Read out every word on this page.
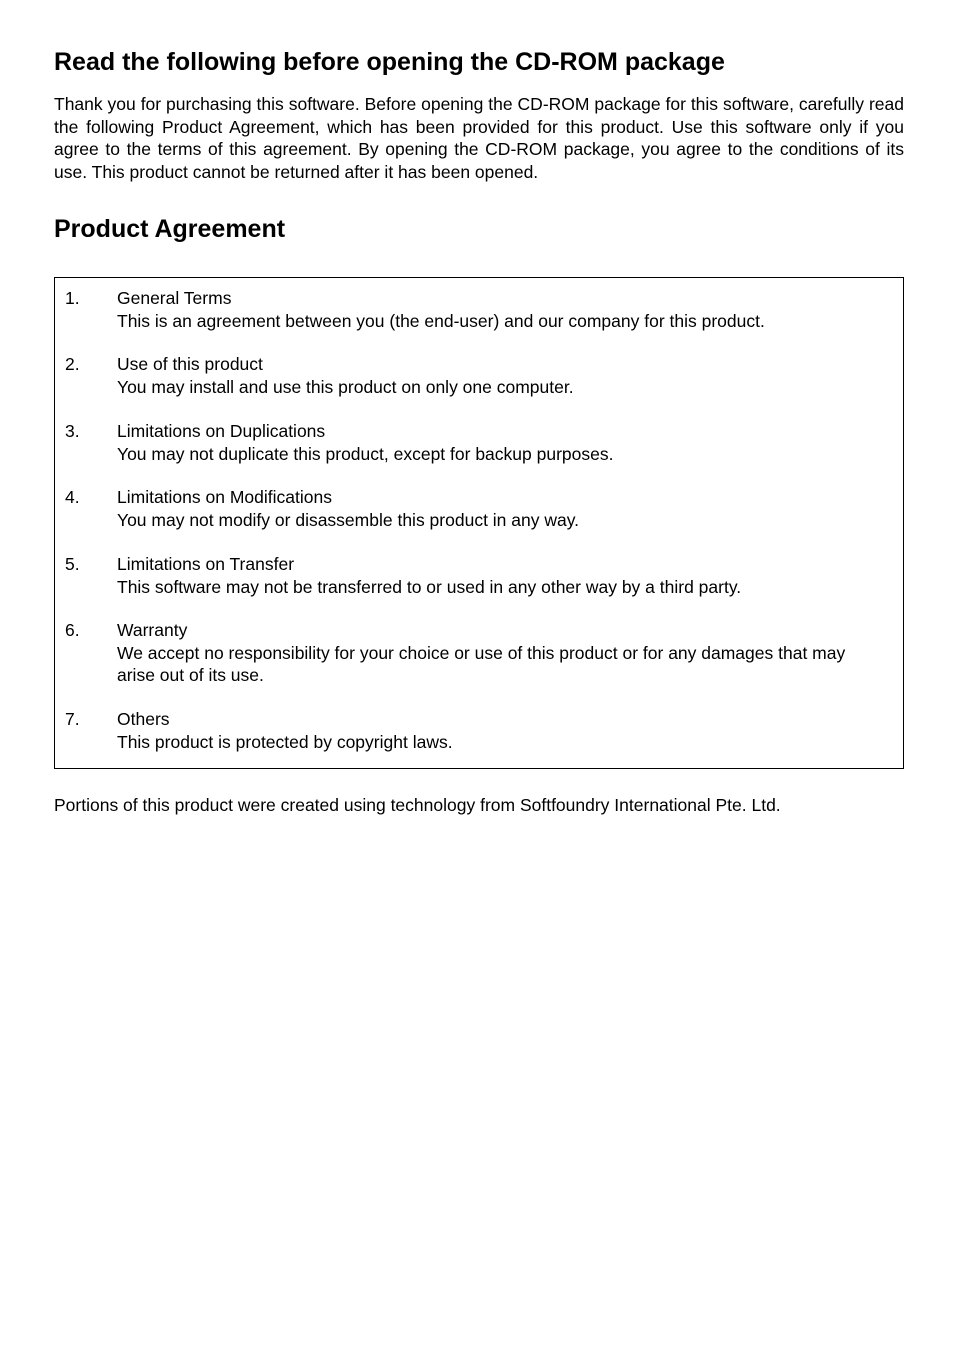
Read the following before opening the CD-ROM package

Thank you for purchasing this software. Before opening the CD-ROM package for this software, carefully read the following Product Agreement, which has been provided for this product. Use this software only if you agree to the terms of this agreement. By opening the CD-ROM package, you agree to the conditions of its use. This product cannot be returned after it has been opened.

Product Agreement
1.	General Terms
This is an agreement between you (the end-user) and our company for this product.
2.	Use of this product
You may install and use this product on only one computer.
3.	Limitations on Duplications
You may not duplicate this product, except for backup purposes.
4.	Limitations on Modifications
You may not modify or disassemble this product in any way.
5.	Limitations on Transfer
This software may not be transferred to or used in any other way by a third party.
6.	Warranty
We accept no responsibility for your choice or use of this product or for any damages that may arise out of its use.
7.	Others
This product is protected by copyright laws.

Portions of this product were created using technology from Softfoundry International Pte. Ltd.
